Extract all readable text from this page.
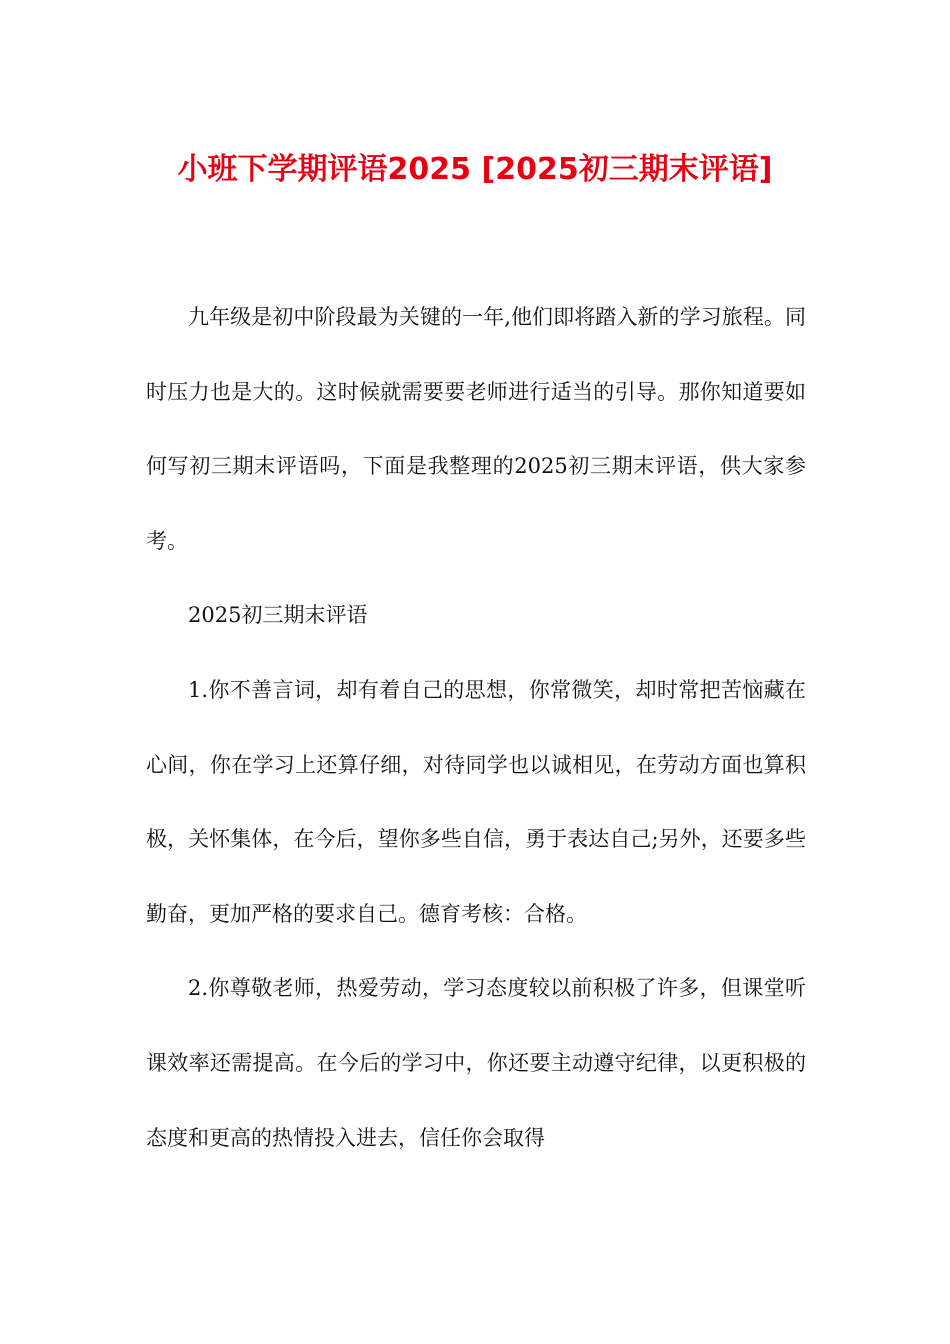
小班下学期评语2025 [2025初三期末评语]

九年级是初中阶段最为关键的一年,他们即将踏入新的学习旅程。同时压力也是大的。这时候就需要要老师进行适当的引导。那你知道要如何写初三期末评语吗，下面是我整理的2025初三期末评语，供大家参考。

2025初三期末评语

1.你不善言词，却有着自己的思想，你常微笑，却时常把苦恼藏在心间，你在学习上还算仔细，对待同学也以诚相见，在劳动方面也算积极，关怀集体，在今后，望你多些自信，勇于表达自己;另外，还要多些勤奋，更加严格的要求自己。德育考核：合格。

2.你尊敬老师，热爱劳动，学习态度较以前积极了许多，但课堂听课效率还需提高。在今后的学习中，你还要主动遵守纪律，以更积极的态度和更高的热情投入进去，信任你会取得
